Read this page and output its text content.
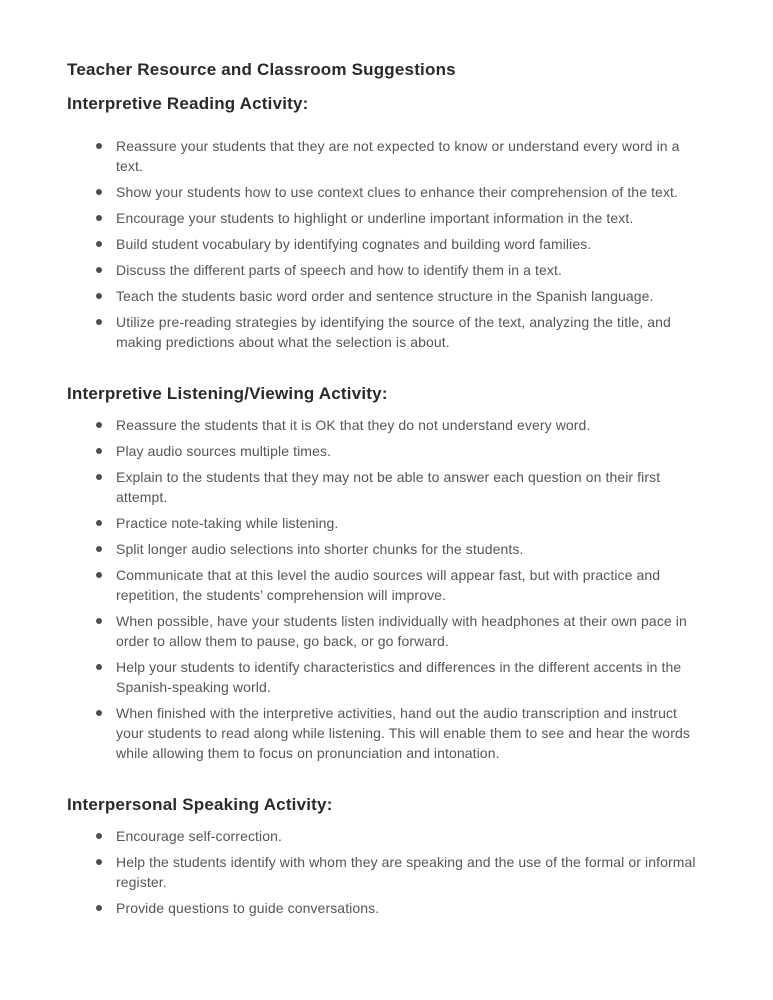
Teacher Resource and Classroom Suggestions
Interpretive Reading Activity:
Reassure your students that they are not expected to know or understand every word in a text.
Show your students how to use context clues to enhance their comprehension of the text.
Encourage your students to highlight or underline important information in the text.
Build student vocabulary by identifying cognates and building word families.
Discuss the different parts of speech and how to identify them in a text.
Teach the students basic word order and sentence structure in the Spanish language.
Utilize pre-reading strategies by identifying the source of the text, analyzing the title, and making predictions about what the selection is about.
Interpretive Listening/Viewing Activity:
Reassure the students that it is OK that they do not understand every word.
Play audio sources multiple times.
Explain to the students that they may not be able to answer each question on their first attempt.
Practice note-taking while listening.
Split longer audio selections into shorter chunks for the students.
Communicate that at this level the audio sources will appear fast, but with practice and repetition, the students’ comprehension will improve.
When possible, have your students listen individually with headphones at their own pace in order to allow them to pause, go back, or go forward.
Help your students to identify characteristics and differences in the different accents in the Spanish-speaking world.
When finished with the interpretive activities, hand out the audio transcription and instruct your students to read along while listening. This will enable them to see and hear the words while allowing them to focus on pronunciation and intonation.
Interpersonal Speaking Activity:
Encourage self-correction.
Help the students identify with whom they are speaking and the use of the formal or informal register.
Provide questions to guide conversations.
